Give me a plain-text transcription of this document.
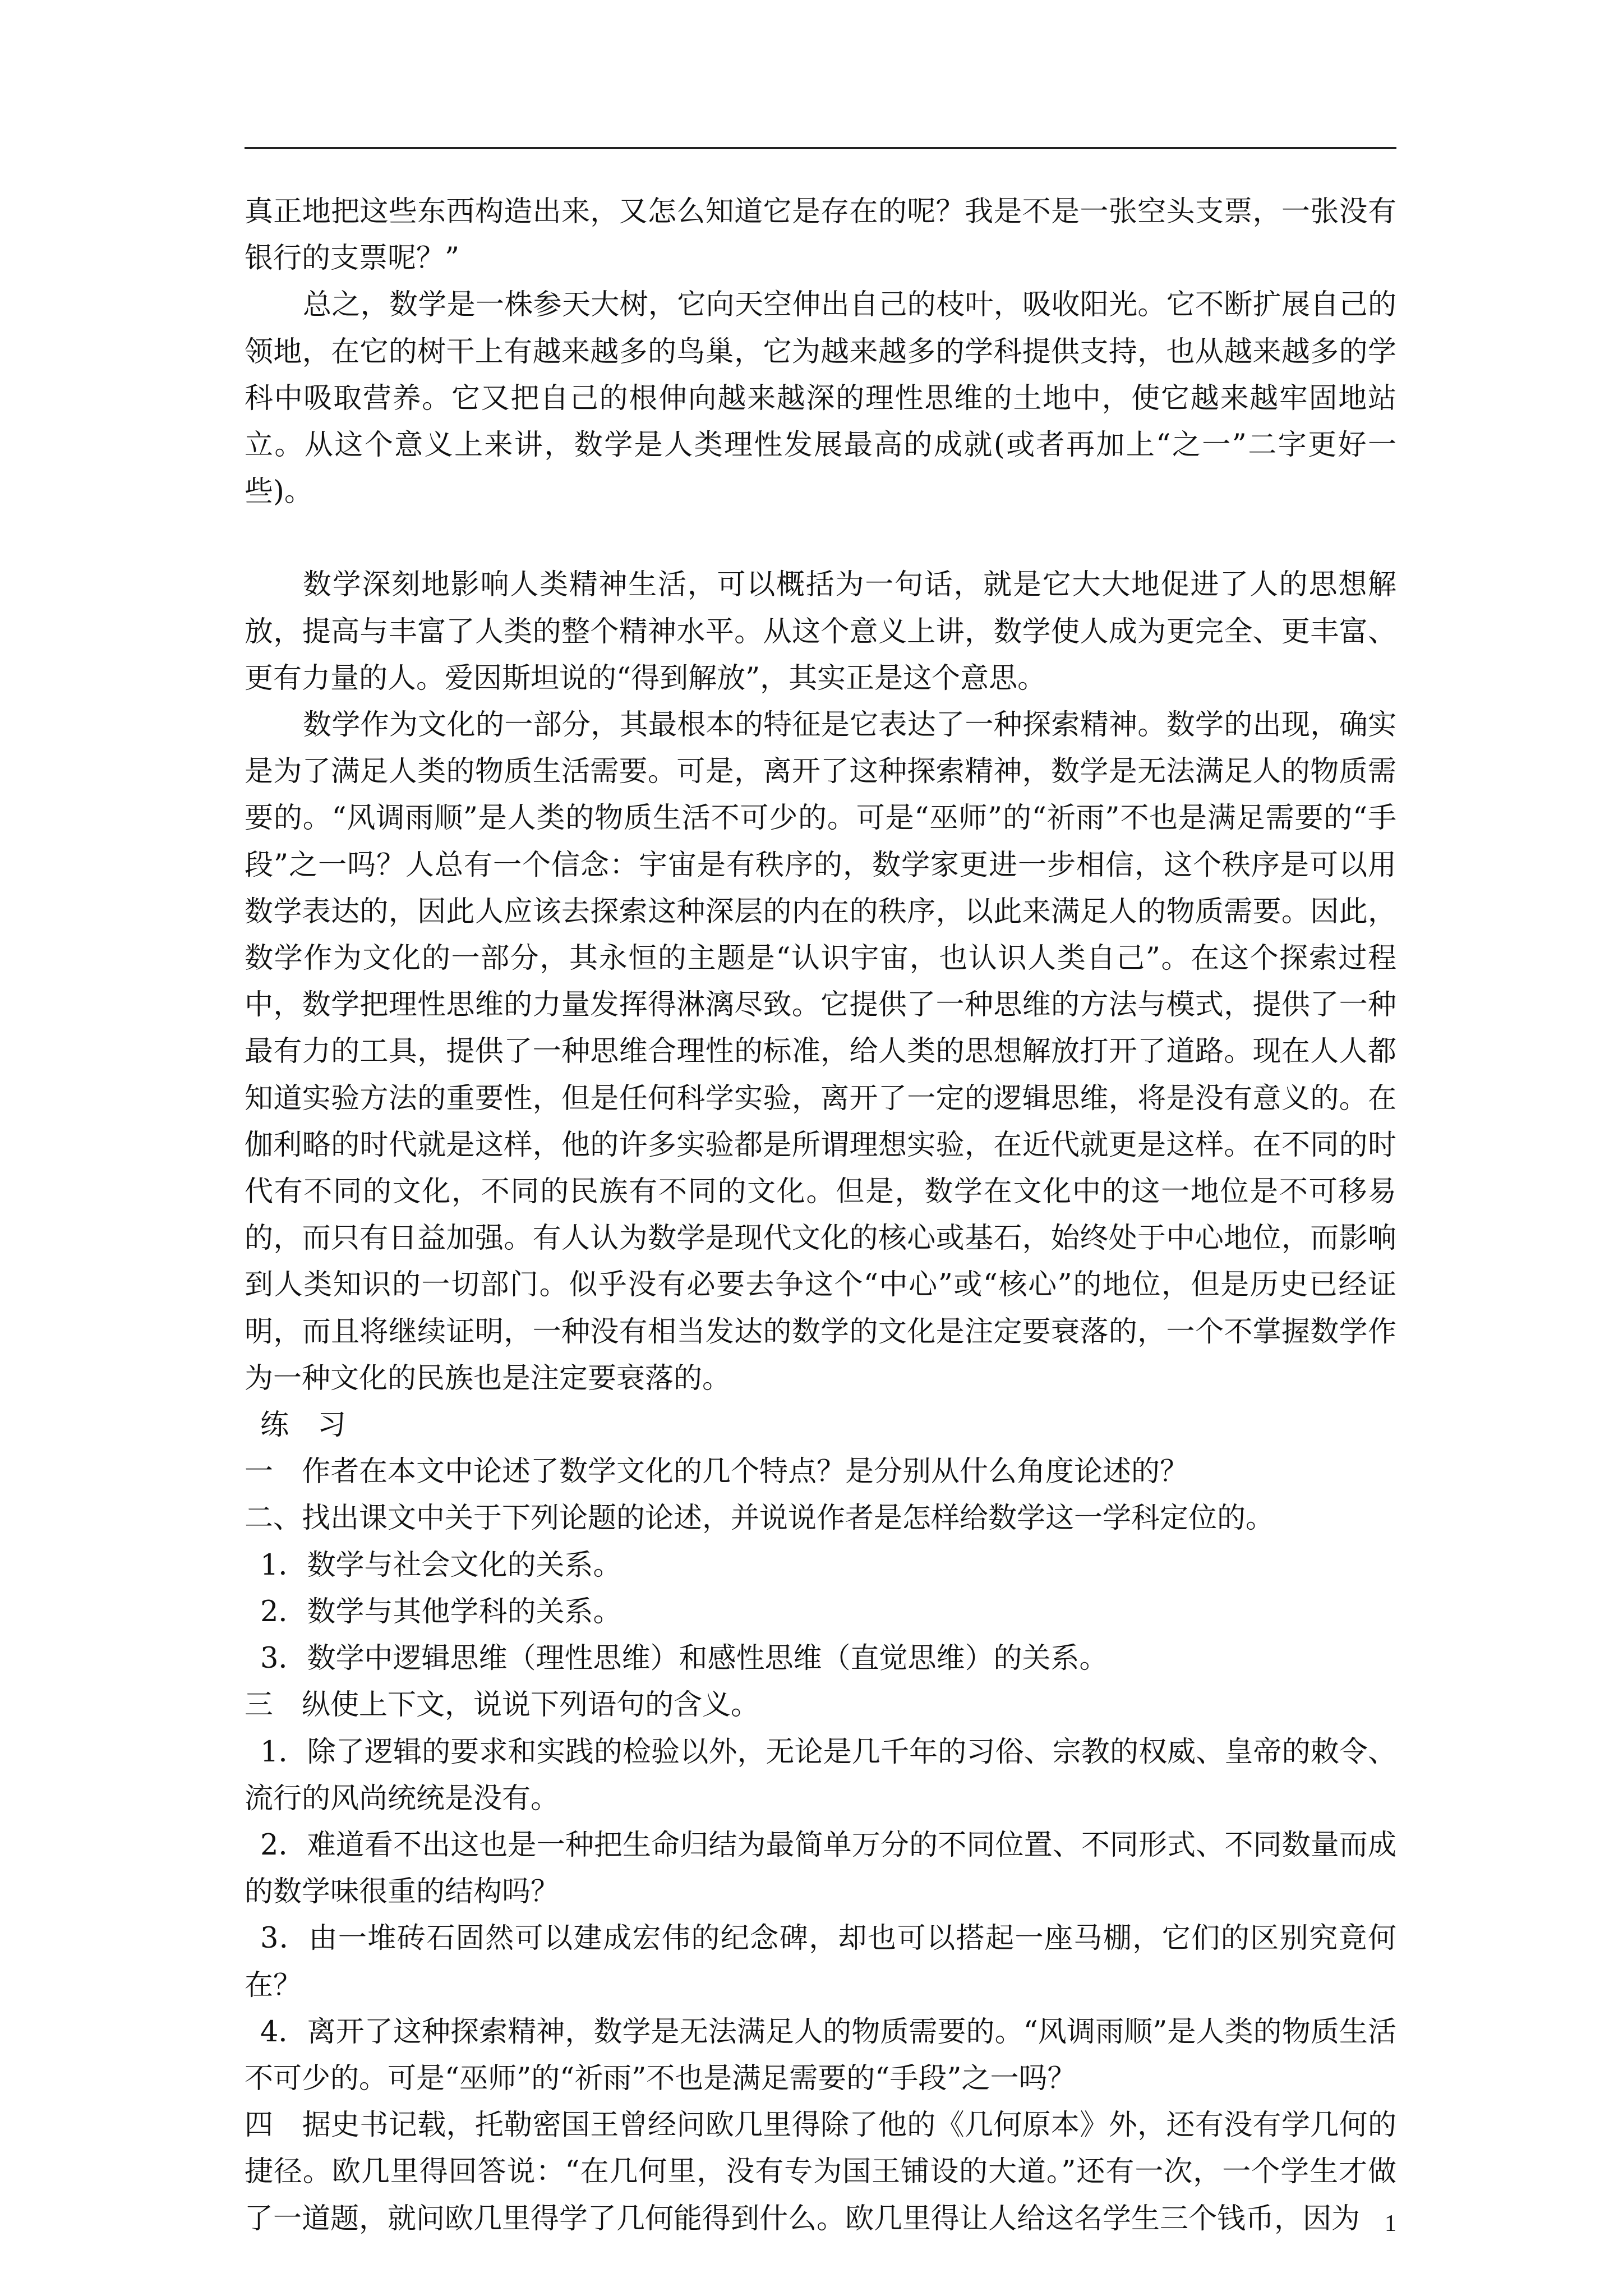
真正地把这些东西构造出来，又怎么知道它是存在的呢？我是不是一张空头支票，一张没有银行的支票呢？”

总之，数学是一株参天大树，它向天空伸出自己的枝叶，吸收阳光。它不断扩展自己的领地，在它的树干上有越来越多的鸟巢，它为越来越多的学科提供支持，也从越来越多的学科中吸取营养。它又把自己的根伸向越来越深的理性思维的土地中，使它越来越牢固地站立。从这个意义上来讲，数学是人类理性发展最高的成就(或者再加上“之一”二字更好一些)。

数学深刻地影响人类精神生活，可以概括为一句话，就是它大大地促进了人的思想解放，提高与丰富了人类的整个精神水平。从这个意义上讲，数学使人成为更完全、更丰富、更有力量的人。爱因斯坦说的“得到解放”，其实正是这个意思。

数学作为文化的一部分，其最根本的特征是它表达了一种探索精神。数学的出现，确实是为了满足人类的物质生活需要。可是，离开了这种探索精神，数学是无法满足人的物质需要的。“风调雨顺”是人类的物质生活不可少的。可是“巫师”的“祈雨”不也是满足需要的“手段”之一吗？人总有一个信念：宇宙是有秩序的，数学家更进一步相信，这个秩序是可以用数学表达的，因此人应该去探索这种深层的内在的秩序，以此来满足人的物质需要。因此，数学作为文化的一部分，其永恒的主题是“认识宇宙，也认识人类自己”。在这个探索过程中，数学把理性思维的力量发挥得淋漓尽致。它提供了一种思维的方法与模式，提供了一种最有力的工具，提供了一种思维合理性的标准，给人类的思想解放打开了道路。现在人人都知道实验方法的重要性，但是任何科学实验，离开了一定的逻辑思维，将是没有意义的。在伽利略的时代就是这样，他的许多实验都是所谓理想实验，在近代就更是这样。在不同的时代有不同的文化，不同的民族有不同的文化。但是，数学在文化中的这一地位是不可移易的，而只有日益加强。有人认为数学是现代文化的核心或基石，始终处于中心地位，而影响到人类知识的一切部门。似乎没有必要去争这个“中心”或“核心”的地位，但是历史已经证明，而且将继续证明，一种没有相当发达的数学的文化是注定要衰落的，一个不掌握数学作为一种文化的民族也是注定要衰落的。

练　习

一　作者在本文中论述了数学文化的几个特点？是分别从什么角度论述的？

二、找出课文中关于下列论题的论述，并说说作者是怎样给数学这一学科定位的。

1．数学与社会文化的关系。

2．数学与其他学科的关系。

3．数学中逻辑思维（理性思维）和感性思维（直觉思维）的关系。

三　纵使上下文，说说下列语句的含义。

1．除了逻辑的要求和实践的检验以外，无论是几千年的习俗、宗教的权威、皇帝的敕令、流行的风尚统统是没有。

2．难道看不出这也是一种把生命归结为最简单万分的不同位置、不同形式、不同数量而成的数学味很重的结构吗？

3．由一堆砖石固然可以建成宏伟的纪念碑，却也可以搭起一座马棚，它们的区别究竟何在？

4．离开了这种探索精神，数学是无法满足人的物质需要的。“风调雨顺”是人类的物质生活不可少的。可是“巫师”的“祈雨”不也是满足需要的“手段”之一吗？

四　据史书记载，托勒密国王曾经问欧几里得除了他的《几何原本》外，还有没有学几何的捷径。欧几里得回答说：“在几何里，没有专为国王铺设的大道。”还有一次，一个学生才做了一道题，就问欧几里得学了几何能得到什么。欧几里得让人给这名学生三个钱币，因为	1
